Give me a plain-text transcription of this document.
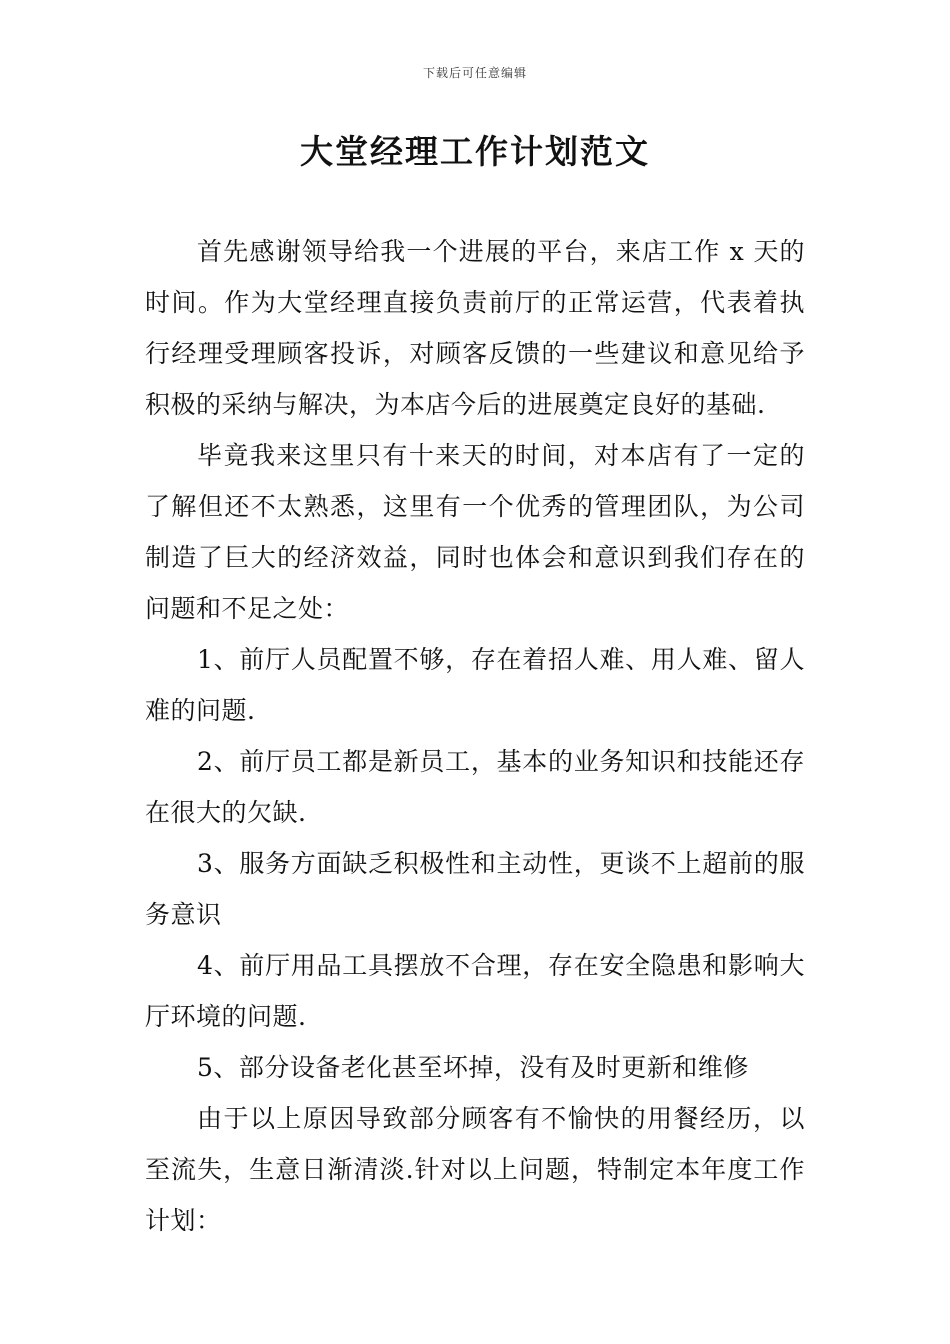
下载后可任意编辑
大堂经理工作计划范文

首先感谢领导给我一个进展的平台，来店工作 x 天的时间。作为大堂经理直接负责前厅的正常运营，代表着执行经理受理顾客投诉，对顾客反馈的一些建议和意见给予积极的采纳与解决，为本店今后的进展奠定良好的基础.

毕竟我来这里只有十来天的时间，对本店有了一定的了解但还不太熟悉，这里有一个优秀的管理团队，为公司制造了巨大的经济效益，同时也体会和意识到我们存在的问题和不足之处：

1、前厅人员配置不够，存在着招人难、用人难、留人难的问题.

2、前厅员工都是新员工，基本的业务知识和技能还存在很大的欠缺.

3、服务方面缺乏积极性和主动性，更谈不上超前的服务意识

4、前厅用品工具摆放不合理，存在安全隐患和影响大厅环境的问题.

5、部分设备老化甚至坏掉，没有及时更新和维修

由于以上原因导致部分顾客有不愉快的用餐经历，以至流失，生意日渐清淡.针对以上问题，特制定本年度工作计划：
